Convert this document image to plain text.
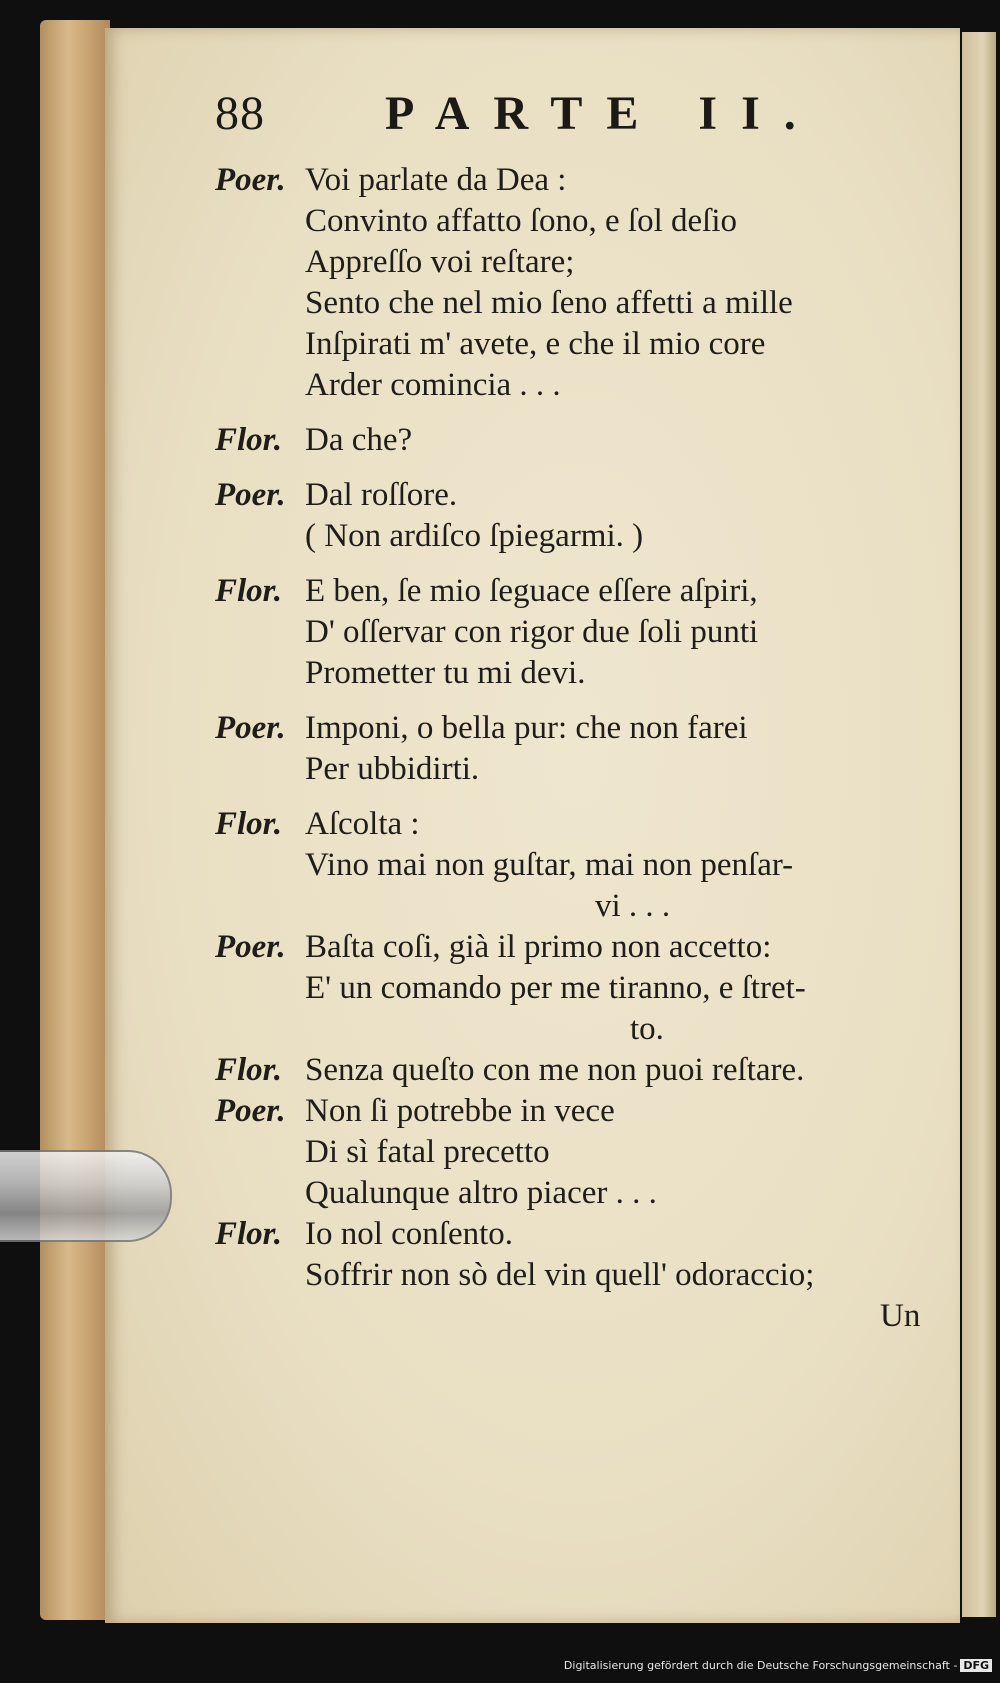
88	PARTE II.
Poer. Voi parlate da Dea :
Convinto affatto ſono, e ſol deſio
Appreſſo voi reſtare;
Sento che nel mio ſeno affetti a mille
Inſpirati m' avete, e che il mio core
Arder comincia . . .
Flor. Da che?
Poer. Dal roſſore.
( Non ardiſco ſpiegarmi. )
Flor. E ben, ſe mio ſeguace eſſere aſpiri,
D' oſſervar con rigor due ſoli punti
Prometter tu mi devi.
Poer. Imponi, o bella pur: che non farei
Per ubbidirti.
Flor. Aſcolta :
Vino mai non guſtar, mai non penſar-
vi . . .
Poer. Baſta coſi, già il primo non accetto:
E' un comando per me tiranno, e ſtret-
to.
Flor. Senza queſto con me non puoi reſtare.
Poer. Non ſi potrebbe in vece
Di sì fatal precetto
Qualunque altro piacer . . .
Flor. Io nol conſento.
Soffrir non sò del vin quell' odoraccio;
Un
Digitalisierung gefördert durch die Deutsche Forschungsgemeinschaft - DFG
